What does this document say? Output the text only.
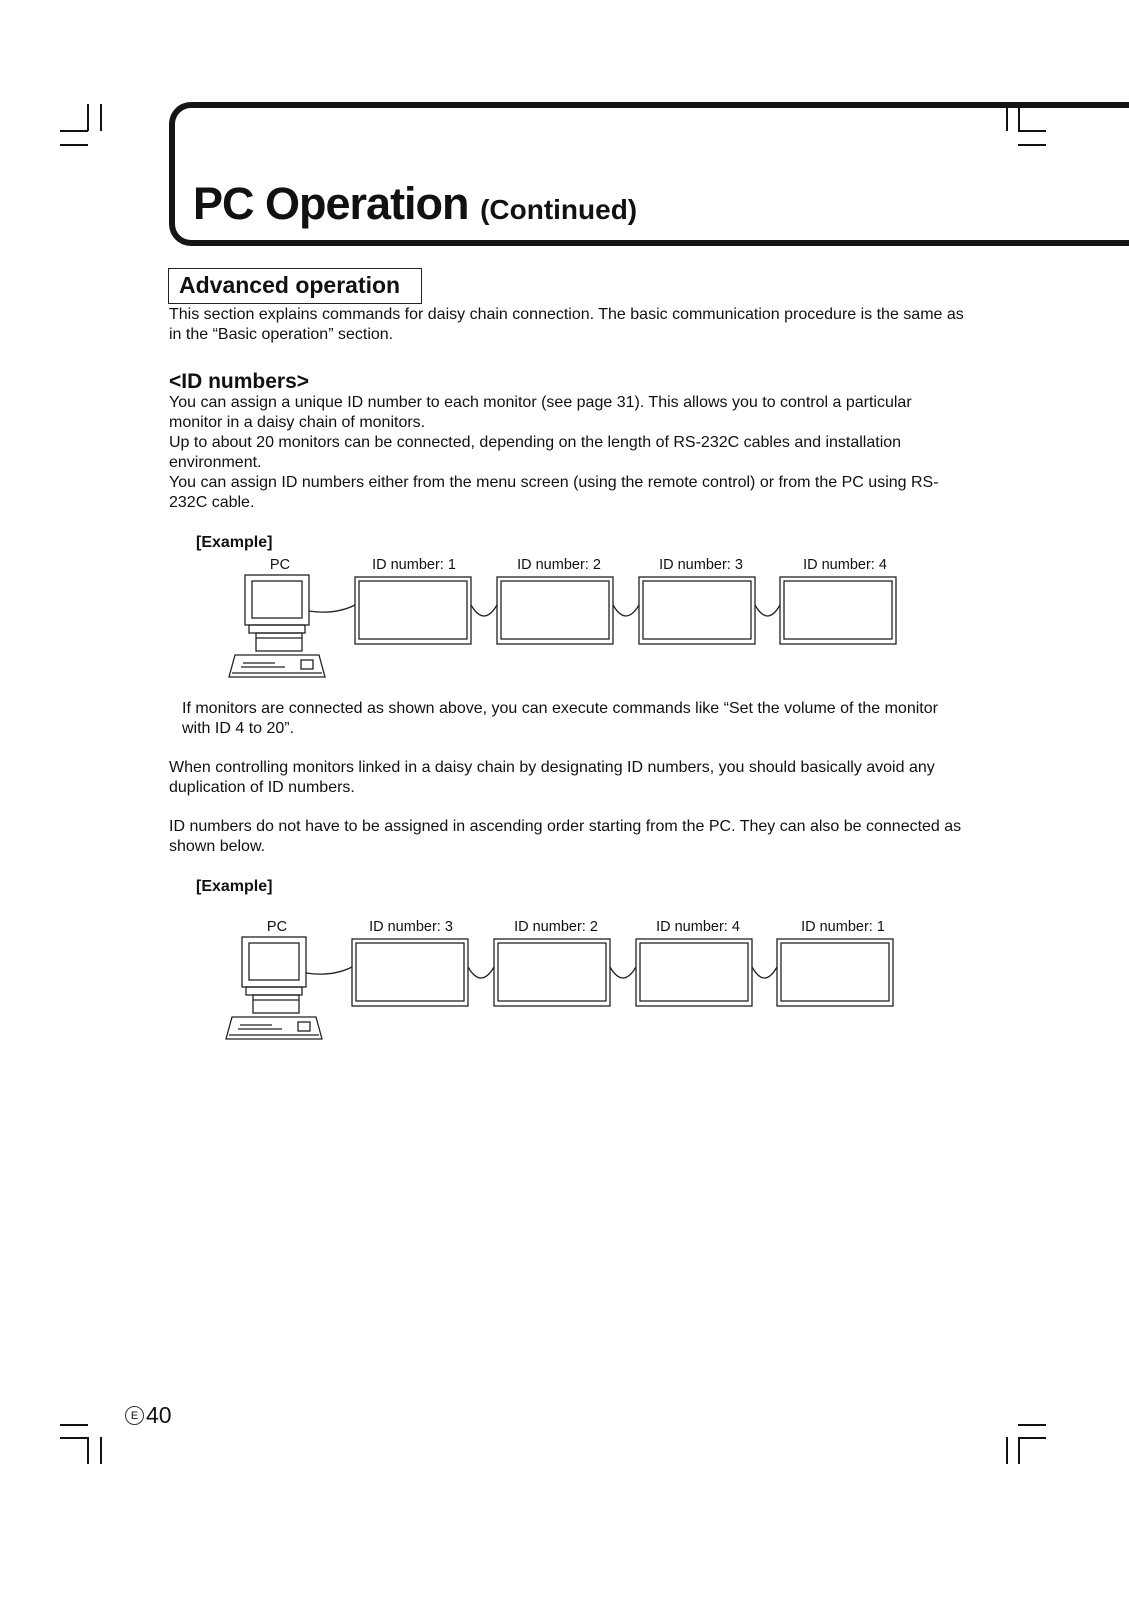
PC Operation (Continued)
Advanced operation
This section explains commands for daisy chain connection. The basic communication procedure is the same as in the “Basic operation” section.
<ID numbers>
You can assign a unique ID number to each monitor (see page 31). This allows you to control a particular monitor in a daisy chain of monitors.
Up to about 20 monitors can be connected, depending on the length of RS-232C cables and installation environment.
You can assign ID numbers either from the menu screen (using the remote control) or from the PC using RS-232C cable.
[Example]
PC	ID number: 1	ID number: 2	ID number: 3	ID number: 4
If monitors are connected as shown above, you can execute commands like “Set the volume of the monitor with ID 4 to 20”.
When controlling monitors linked in a daisy chain by designating ID numbers, you should basically avoid any duplication of ID numbers.
ID numbers do not have to be assigned in ascending order starting from the PC. They can also be connected as shown below.
[Example]
PC	ID number: 3	ID number: 2	ID number: 4	ID number: 1
E 40
